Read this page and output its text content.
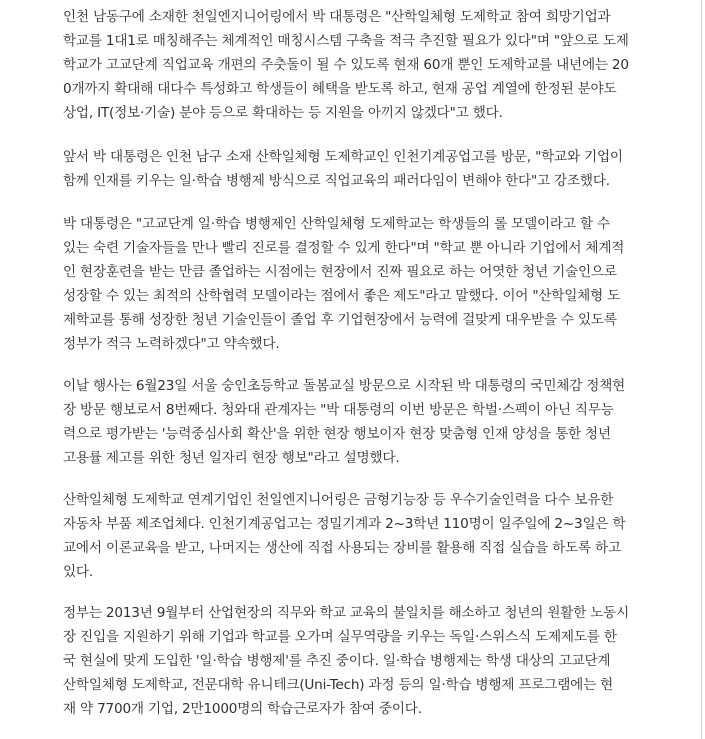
인천 남동구에 소재한 천일엔지니어링에서 박 대통령은 "산학일체형 도제학교 참여 희망기업과
학교를 1대1로 매칭해주는 체계적인 매칭시스템 구축을 적극 추진할 필요가 있다"며 "앞으로 도제
학교가 고교단계 직업교육 개편의 주춧돌이 될 수 있도록 현재 60개 뿐인 도제학교를 내년에는 20
0개까지 확대해 대다수 특성화고 학생들이 혜택을 받도록 하고, 현재 공업 계열에 한정된 분야도
상업, IT(정보·기술) 분야 등으로 확대하는 등 지원을 아끼지 않겠다"고 했다.
앞서 박 대통령은 인천 남구 소재 산학일체형 도제학교인 인천기계공업고를 방문, "학교와 기업이
함께 인재를 키우는 일·학습 병행제 방식으로 직업교육의 패러다임이 변해야 한다"고 강조했다.
박 대통령은 "고교단계 일·학습 병행제인 산학일체형 도제학교는 학생들의 롤 모델이라고 할 수
있는 숙련 기술자들을 만나 빨리 진로를 결정할 수 있게 한다"며 "학교 뿐 아니라 기업에서 체계적
인 현장훈련을 받는 만큼 졸업하는 시점에는 현장에서 진짜 필요로 하는 어엿한 청년 기술인으로
성장할 수 있는 최적의 산학협력 모델이라는 점에서 좋은 제도"라고 말했다. 이어 "산학일체형 도
제학교를 통해 성장한 청년 기술인들이 졸업 후 기업현장에서 능력에 걸맞게 대우받을 수 있도록
정부가 적극 노력하겠다"고 약속했다.
이날 행사는 6월23일 서울 숭인초등학교 돌봄교실 방문으로 시작된 박 대통령의 국민체감 정책현
장 방문 행보로서 8번째다. 청와대 관계자는 "박 대통령의 이번 방문은 학벌·스펙이 아닌 직무능
력으로 평가받는 '능력중심사회 확산'을 위한 현장 행보이자 현장 맞춤형 인재 양성을 통한 청년
고용률 제고를 위한 청년 일자리 현장 행보"라고 설명했다.
산학일체형 도제학교 연계기업인 천일엔지니어링은 금형기능장 등 우수기술인력을 다수 보유한
자동차 부품 제조업체다. 인천기계공업고는 정밀기계과 2~3학년 110명이 일주일에 2~3일은 학
교에서 이론교육을 받고, 나머지는 생산에 직접 사용되는 장비를 활용해 직접 실습을 하도록 하고
있다.
정부는 2013년 9월부터 산업현장의 직무와 학교 교육의 불일치를 해소하고 청년의 원활한 노동시
장 진입을 지원하기 위해 기업과 학교를 오가며 실무역량을 키우는 독일·스위스식 도제제도를 한
국 현실에 맞게 도입한 '일·학습 병행제'를 추진 중이다. 일·학습 병행제는 학생 대상의 고교단계
산학일체형 도제학교, 전문대학 유니테크(Uni-Tech) 과정 등의 일·학습 병행제 프로그램에는 현
재 약 7700개 기업, 2만1000명의 학습근로자가 참여 중이다.
